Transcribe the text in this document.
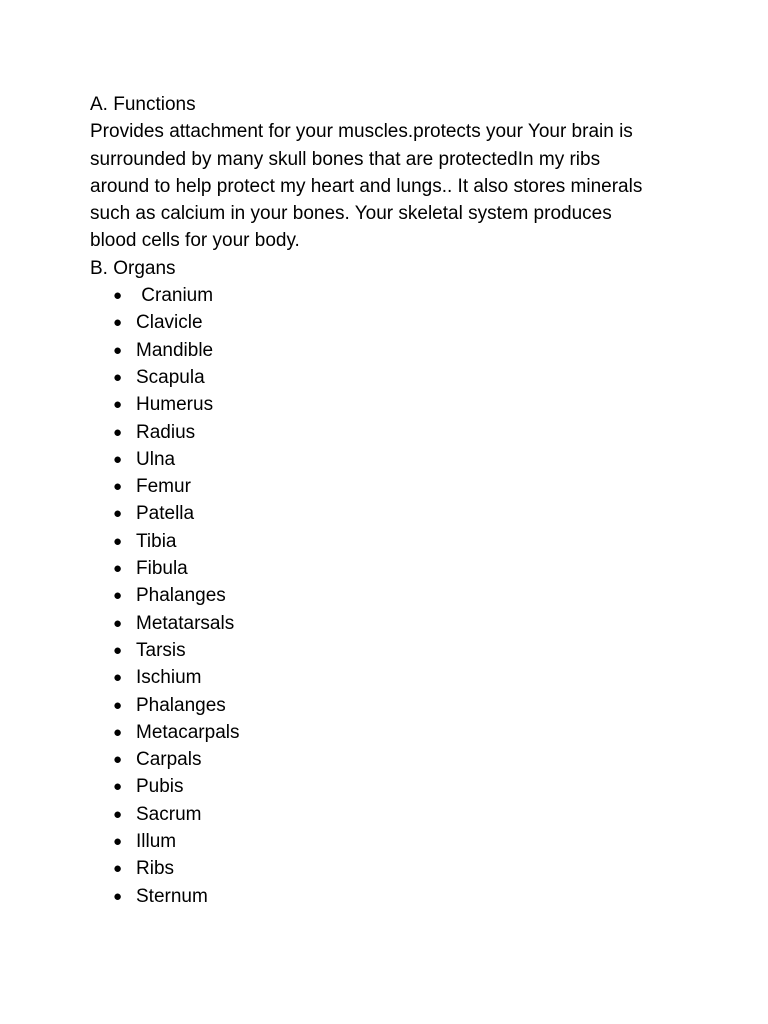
A. Functions

Provides attachment for your muscles.protects your Your brain is
surrounded by many skull bones that are protectedIn my ribs
around to help protect my heart and lungs.. It also stores minerals
such as calcium in your bones. Your skeletal system produces
blood cells for your body.

B. Organs

● Cranium
● Clavicle
● Mandible
● Scapula
● Humerus
● Radius
● Ulna
● Femur
● Patella
● Tibia
● Fibula
● Phalanges
● Metatarsals
● Tarsis
● Ischium
● Phalanges
● Metacarpals
● Carpals
● Pubis
● Sacrum
● Illum
● Ribs
● Sternum
